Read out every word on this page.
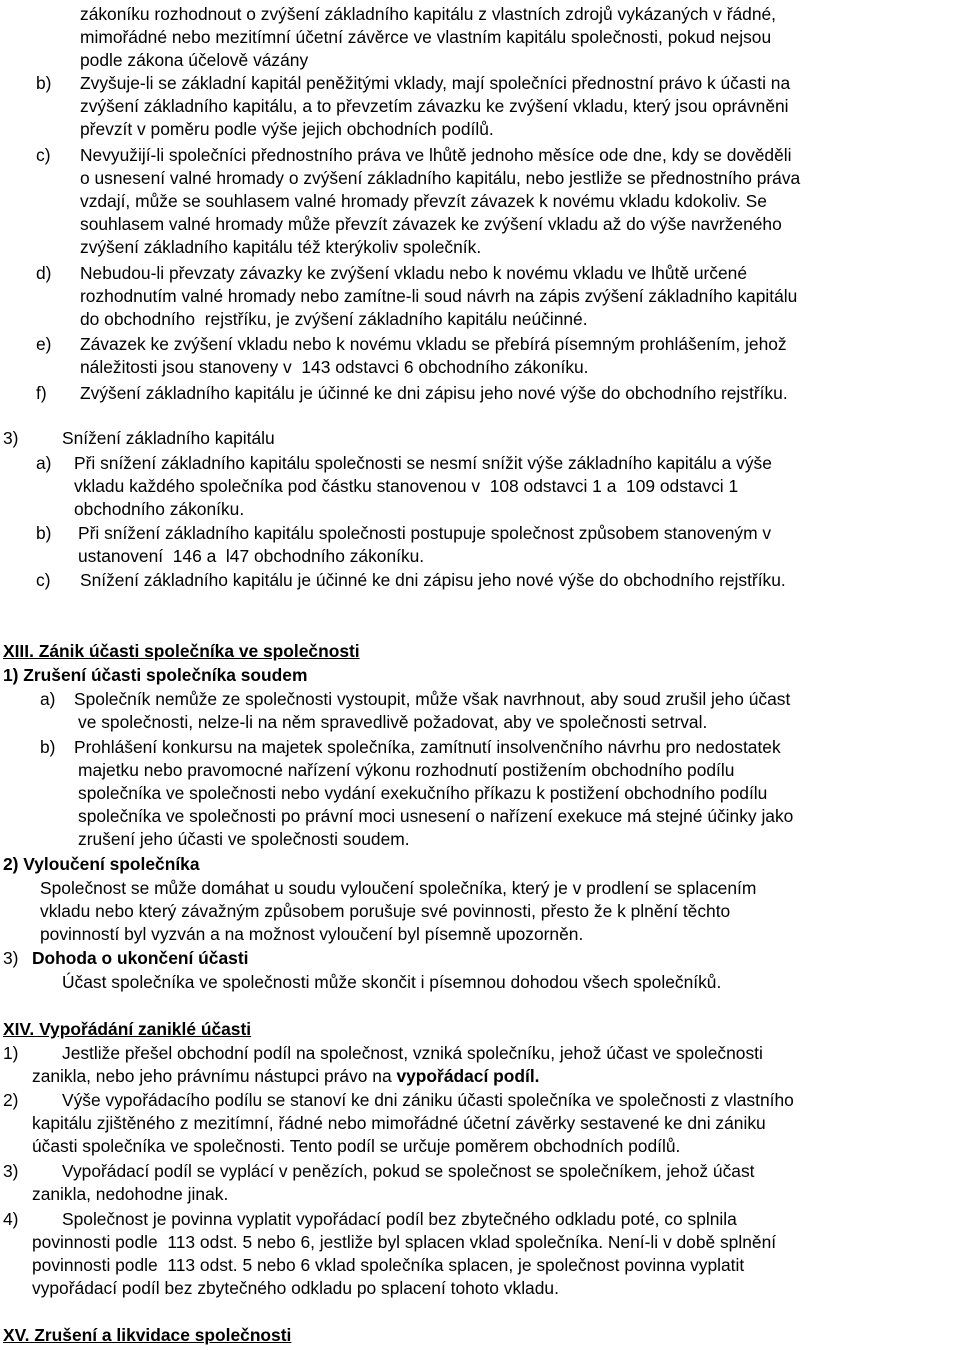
zákoníku rozhodnout o zvýšení základního kapitálu z vlastních zdrojů vykázaných v řádné,
mimořádné nebo mezitímní účetní závěrce ve vlastním kapitálu společnosti, pokud nejsou
podle zákona účelově vázány
b) Zvyšuje-li se základní kapitál peněžitými vklady, mají společníci přednostní právo k účasti na
zvýšení základního kapitálu, a to převzetím závazku ke zvýšení vkladu, který jsou oprávněni
převzít v poměru podle výše jejich obchodních podílů.
c) Nevyužijí-li společníci přednostního práva ve lhůtě jednoho měsíce ode dne, kdy se dověděli
o usnesení valné hromady o zvýšení základního kapitálu, nebo jestliže se přednostního práva
vzdají, může se souhlasem valné hromady převzít závazek k novému vkladu kdokoliv. Se
souhlasem valné hromady může převzít závazek ke zvýšení vkladu až do výše navrženého
zvýšení základního kapitálu též kterýkoliv společník.
d) Nebudou-li převzaty závazky ke zvýšení vkladu nebo k novému vkladu ve lhůtě určené
rozhodnutím valné hromady nebo zamítne-li soud návrh na zápis zvýšení základního kapitálu
do obchodního  rejstříku, je zvýšení základního kapitálu neúčinné.
e) Závazek ke zvýšení vkladu nebo k novému vkladu se přebírá písemným prohlášením, jehož
náležitosti jsou stanoveny v  143 odstavci 6 obchodního zákoníku.
f) Zvýšení základního kapitálu je účinné ke dni zápisu jeho nové výše do obchodního rejstříku.
3)	Snížení základního kapitálu
a) Při snížení základního kapitálu společnosti se nesmí snížit výše základního kapitálu a výše
vkladu každého společníka pod částku stanovenou v  108 odstavci 1 a  109 odstavci 1
obchodního zákoníku.
b) Při snížení základního kapitálu společnosti postupuje společnost způsobem stanoveným v
ustanovení  146 a  l47 obchodního zákoníku.
c) Snížení základního kapitálu je účinné ke dni zápisu jeho nové výše do obchodního rejstříku.
XIII. Zánik účasti společníka ve společnosti
1) Zrušení účasti společníka soudem
a) Společník nemůže ze společnosti vystoupit, může však navrhnout, aby soud zrušil jeho účast
ve společnosti, nelze-li na něm spravedlivě požadovat, aby ve společnosti setrval.
b) Prohlášení konkursu na majetek společníka, zamítnutí insolvenčního návrhu pro nedostatek
majetku nebo pravomocné nařízení výkonu rozhodnutí postižením obchodního podílu
společníka ve společnosti nebo vydání exekučního příkazu k postižení obchodního podílu
společníka ve společnosti po právní moci usnesení o nařízení exekuce má stejné účinky jako
zrušení jeho účasti ve společnosti soudem.
2) Vyloučení společníka
Společnost se může domáhat u soudu vyloučení společníka, který je v prodlení se splacením
vkladu nebo který závažným způsobem porušuje své povinnosti, přesto že k plnění těchto
povinností byl vyzván a na možnost vyloučení byl písemně upozorněn.
3) Dohoda o ukončení účasti
Účast společníka ve společnosti může skončit i písemnou dohodou všech společníků.
XIV. Vypořádání zaniklé účasti
1)	Jestliže přešel obchodní podíl na společnost, vzniká společníku, jehož účast ve společnosti
zanikla, nebo jeho právnímu nástupci právo na vypořádací podíl.
2)	Výše vypořádacího podílu se stanoví ke dni zániku účasti společníka ve společnosti z vlastního
kapitálu zjištěného z mezitímní, řádné nebo mimořádné účetní závěrky sestavené ke dni zániku
účasti společníka ve společnosti. Tento podíl se určuje poměrem obchodních podílů.
3)	Vypořádací podíl se vyplácí v penězích, pokud se společnost se společníkem, jehož účast
zanikla, nedohodne jinak.
4)	Společnost je povinna vyplatit vypořádací podíl bez zbytečného odkladu poté, co splnila
povinnosti podle  113 odst. 5 nebo 6, jestliže byl splacen vklad společníka. Není-li v době splnění
povinnosti podle  113 odst. 5 nebo 6 vklad společníka splacen, je společnost povinna vyplatit
vypořádací podíl bez zbytečného odkladu po splacení tohoto vkladu.
XV. Zrušení a likvidace společnosti
